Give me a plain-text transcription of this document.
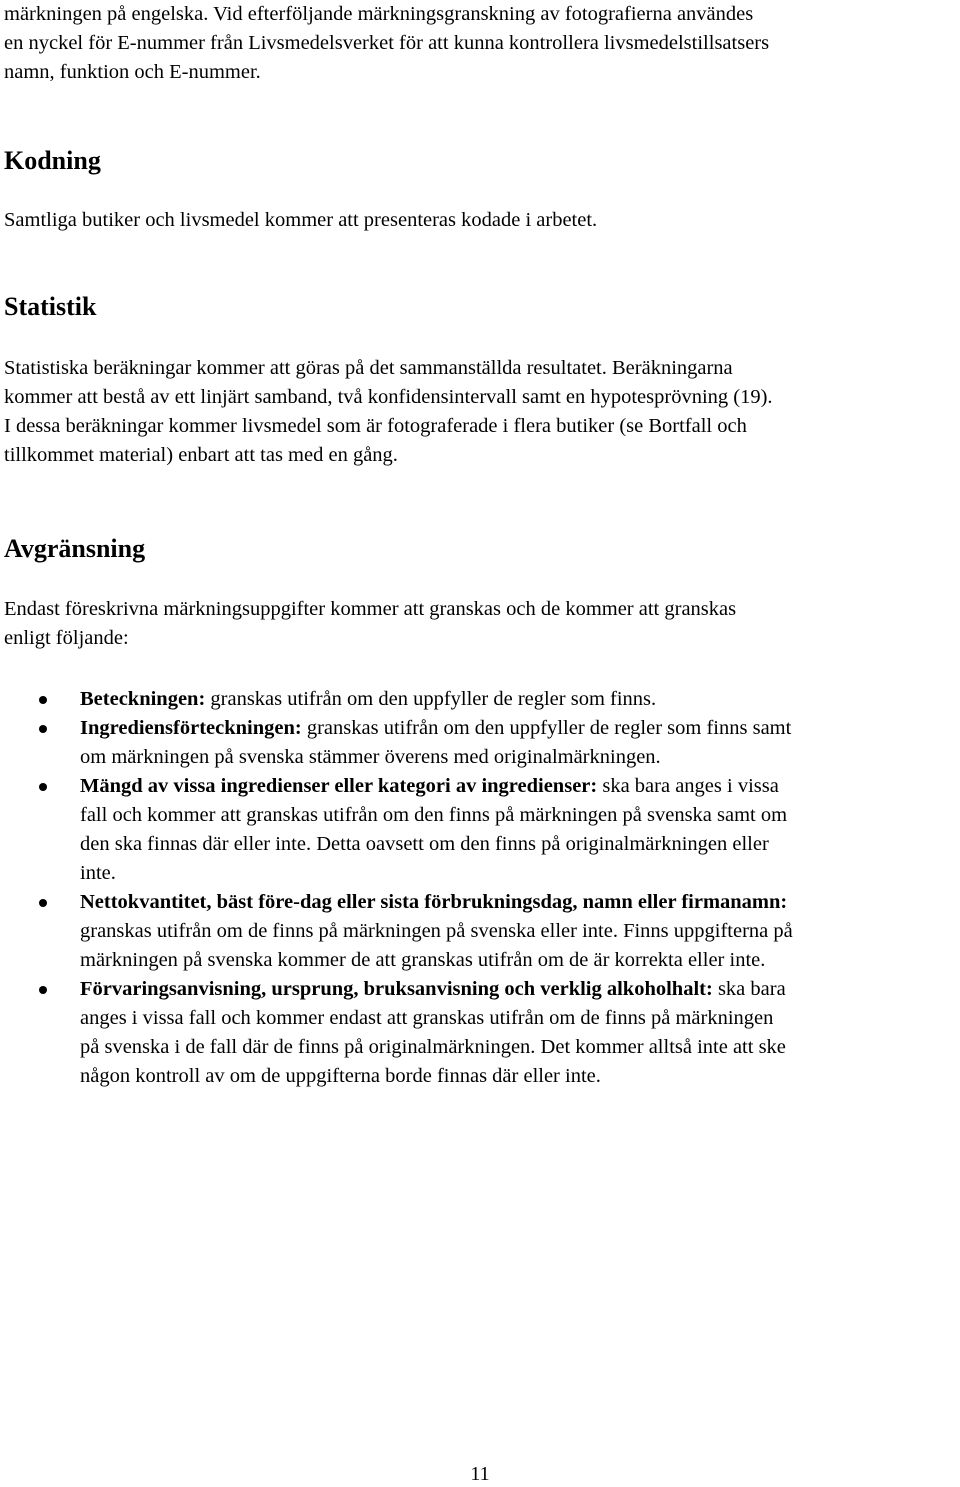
märkningen på engelska. Vid efterföljande märkningsgranskning av fotografierna användes
en nyckel för E-nummer från Livsmedelsverket för att kunna kontrollera livsmedelstillsatsers
namn, funktion och E-nummer.

Kodning

Samtliga butiker och livsmedel kommer att presenteras kodade i arbetet.

Statistik

Statistiska beräkningar kommer att göras på det sammanställda resultatet. Beräkningarna
kommer att bestå av ett linjärt samband, två konfidensintervall samt en hypotesprövning (19).
I dessa beräkningar kommer livsmedel som är fotograferade i flera butiker (se Bortfall och
tillkommet material) enbart att tas med en gång.

Avgränsning

Endast föreskrivna märkningsuppgifter kommer att granskas och de kommer att granskas
enligt följande:

Beteckningen: granskas utifrån om den uppfyller de regler som finns.
Ingrediensförteckningen: granskas utifrån om den uppfyller de regler som finns samt
om märkningen på svenska stämmer överens med originalmärkningen.
Mängd av vissa ingredienser eller kategori av ingredienser: ska bara anges i vissa
fall och kommer att granskas utifrån om den finns på märkningen på svenska samt om
den ska finnas där eller inte. Detta oavsett om den finns på originalmärkningen eller
inte.
Nettokvantitet, bäst före-dag eller sista förbrukningsdag, namn eller firmanamn:
granskas utifrån om de finns på märkningen på svenska eller inte. Finns uppgifterna på
märkningen på svenska kommer de att granskas utifrån om de är korrekta eller inte.
Förvaringsanvisning, ursprung, bruksanvisning och verklig alkoholhalt: ska bara
anges i vissa fall och kommer endast att granskas utifrån om de finns på märkningen
på svenska i de fall där de finns på originalmärkningen. Det kommer alltså inte att ske
någon kontroll av om de uppgifterna borde finnas där eller inte.
11
